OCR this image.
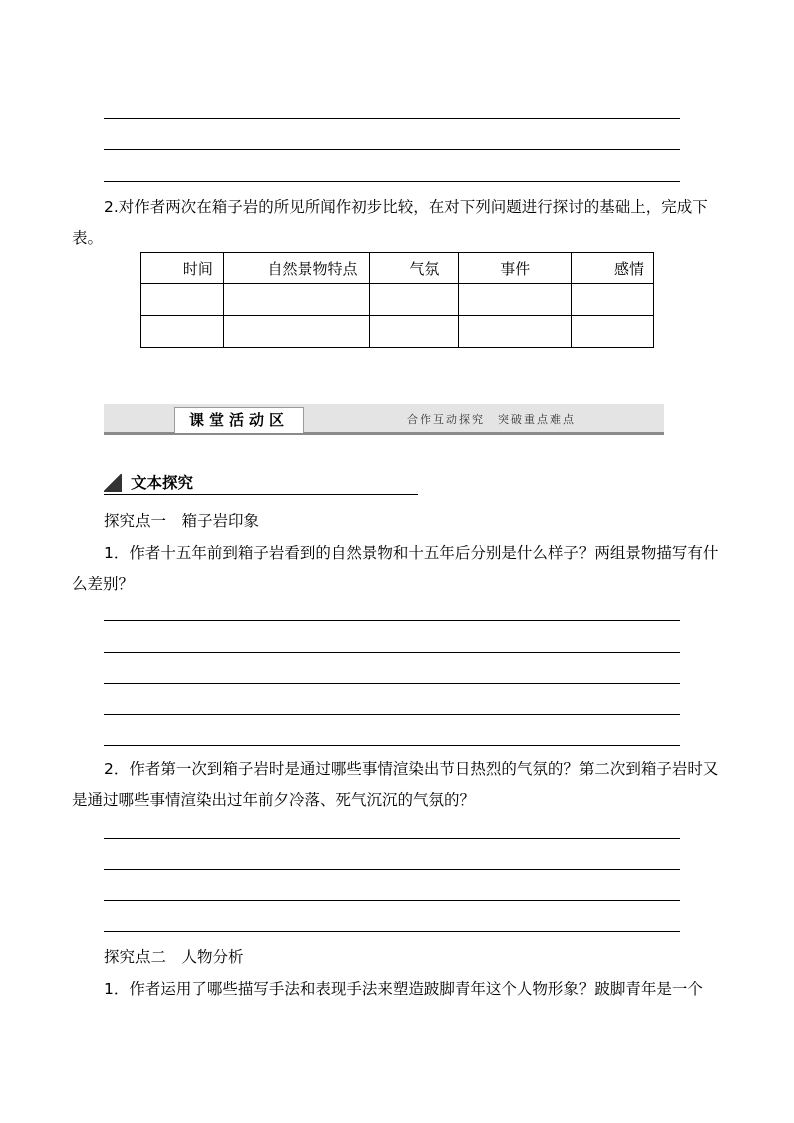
2.对作者两次在箱子岩的所见所闻作初步比较，在对下列问题进行探讨的基础上，完成下表。

时间	自然景物特点	气氛	事件	感情

课堂活动区	合作互动探究　突破重点难点
文本探究
探究点一　箱子岩印象

1．作者十五年前到箱子岩看到的自然景物和十五年后分别是什么样子？两组景物描写有什么差别？

2．作者第一次到箱子岩时是通过哪些事情渲染出节日热烈的气氛的？第二次到箱子岩时又是通过哪些事情渲染出过年前夕冷落、死气沉沉的气氛的？

探究点二　人物分析

1．作者运用了哪些描写手法和表现手法来塑造跛脚青年这个人物形象？跛脚青年是一个
